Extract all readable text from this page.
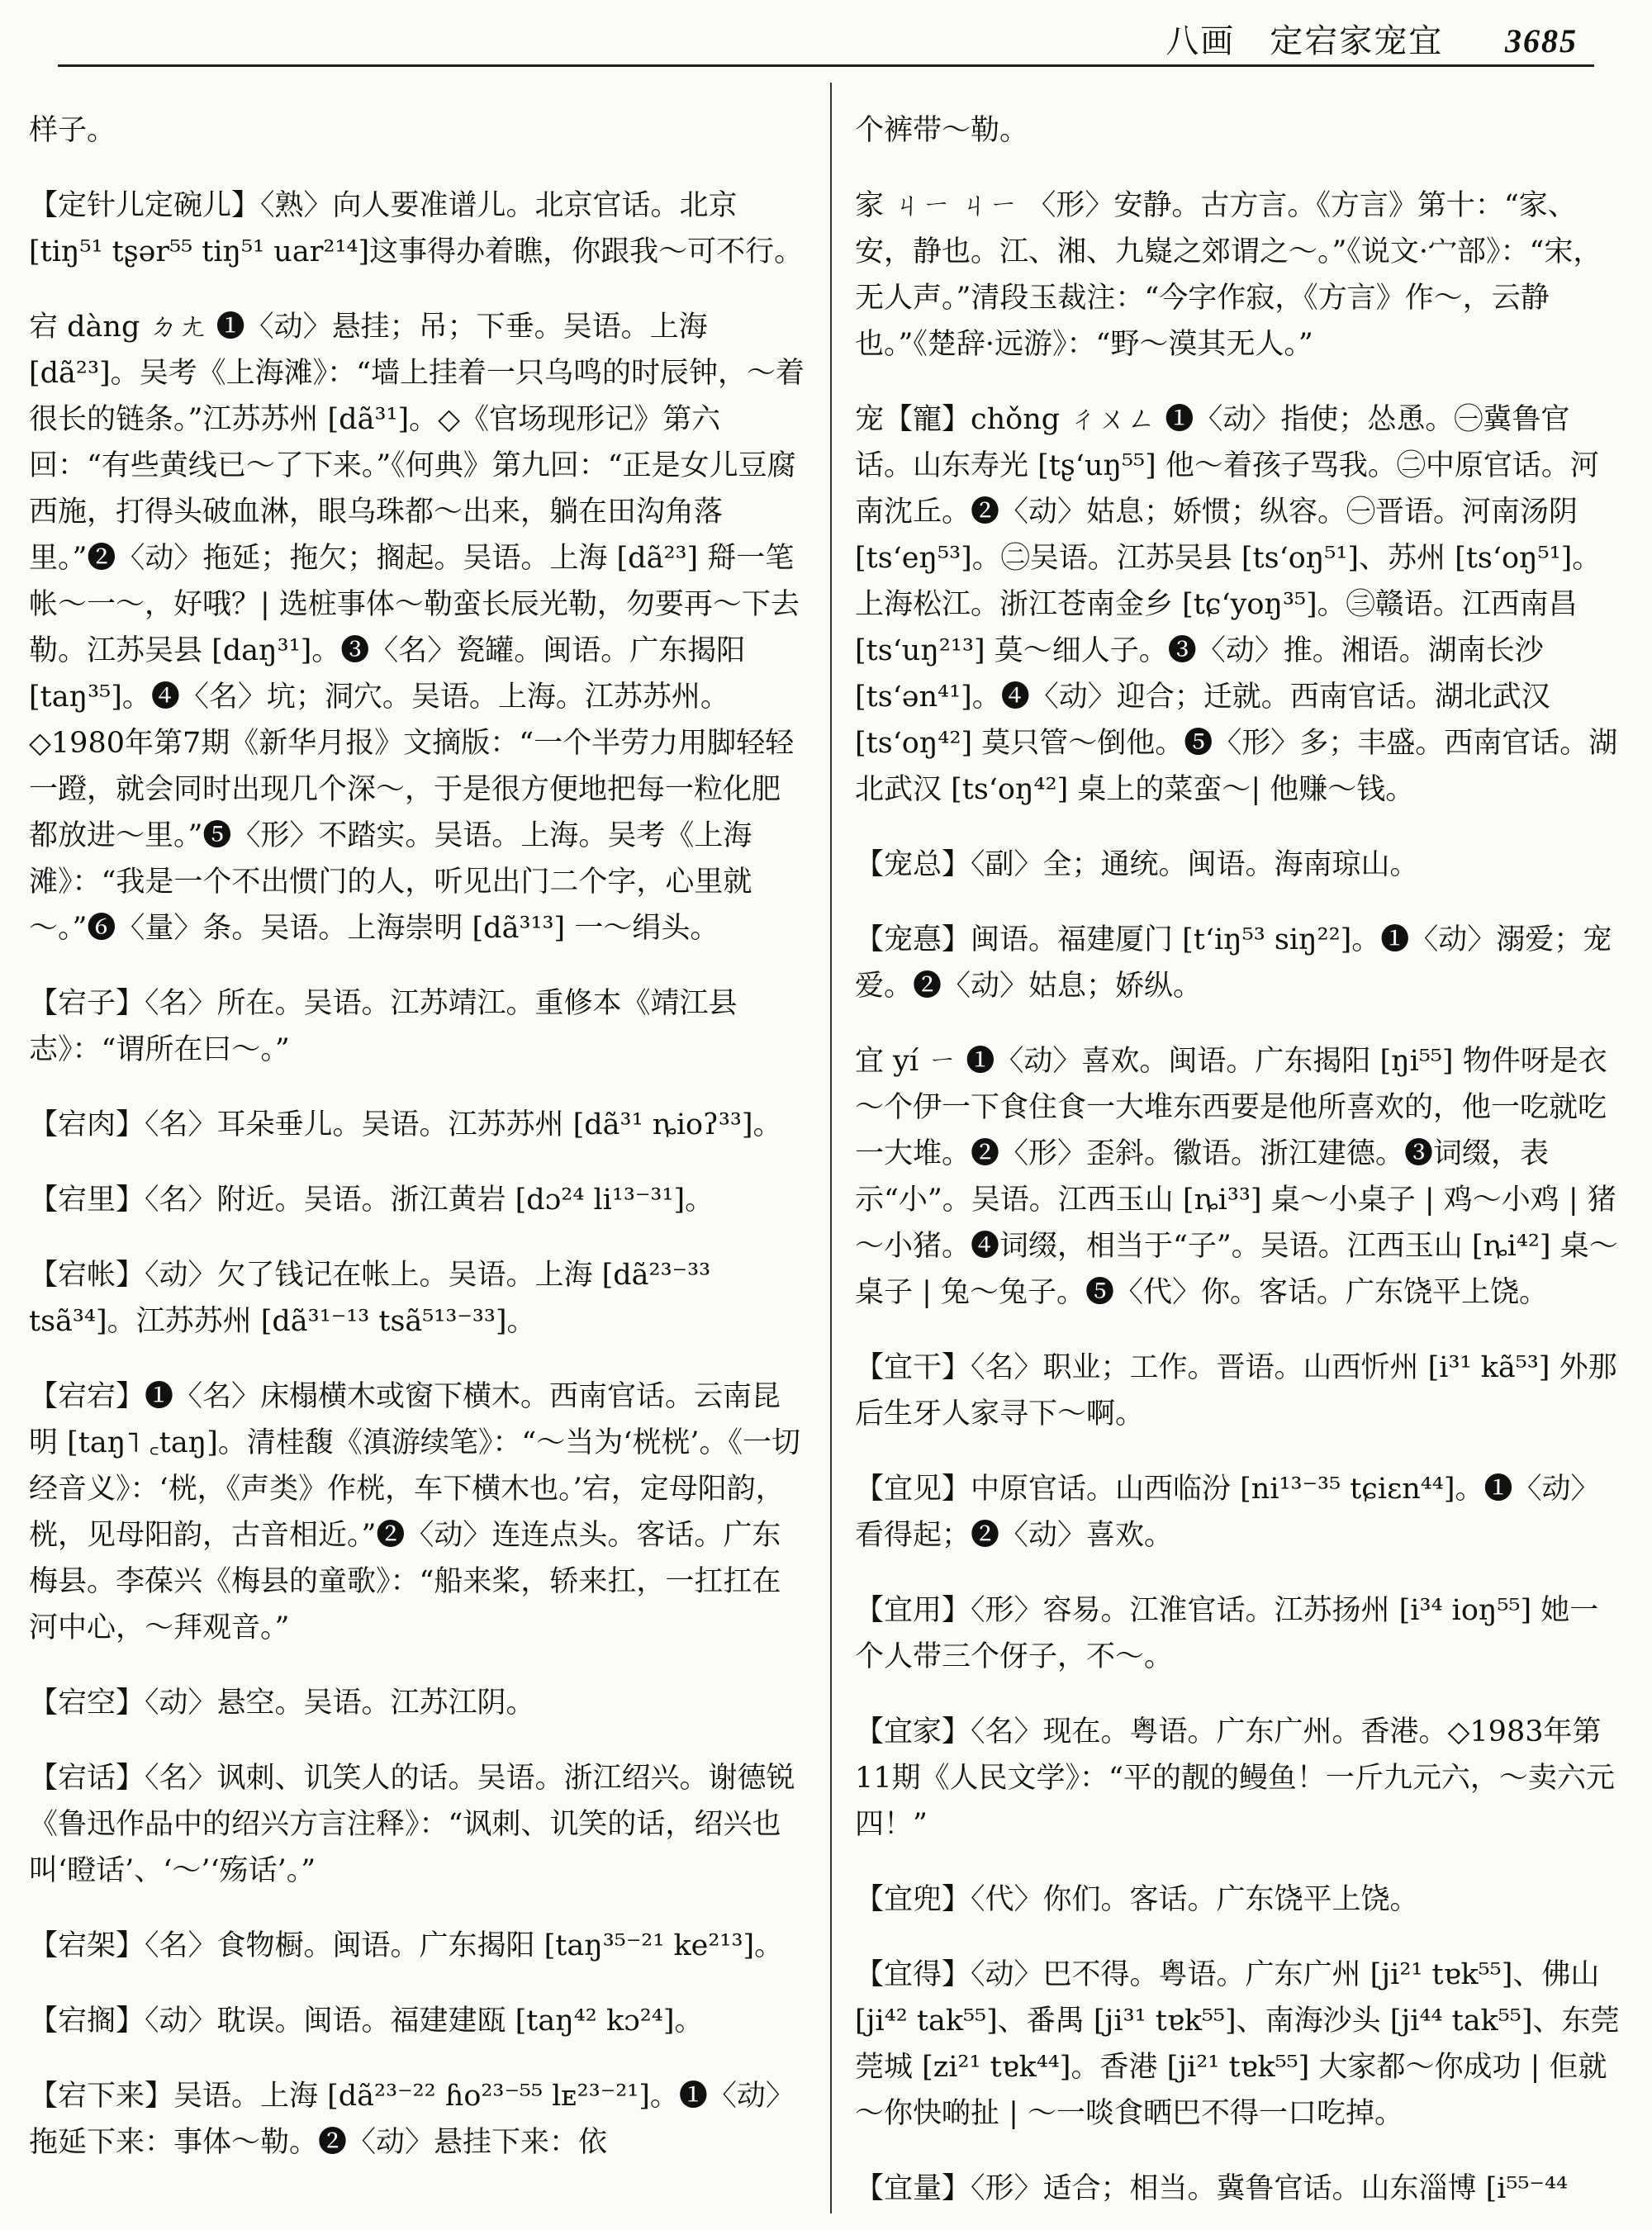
八画　定宕家宠宜 3685

样子。

【定针儿定碗儿】〈熟〉向人要准谱儿。北京官话。北京 [tiŋ⁵¹ tʂər⁵⁵ tiŋ⁵¹ uar²¹⁴]这事得办着瞧，你跟我～可不行。

宕 dàng ㄉㄤ ❶〈动〉悬挂；吊；下垂。吴语。上海[dã²³]。吴考《上海滩》：“墙上挂着一只乌鸣的时辰钟，～着很长的链条。”江苏苏州 [dã³¹]。◇《官场现形记》第六回：“有些黄线已～了下来。”《何典》第九回：“正是女儿豆腐西施，打得头破血淋，眼乌珠都～出来，躺在田沟角落里。”❷〈动〉拖延；拖欠；搁起。吴语。上海 [dã²³] 搿一笔帐～一～，好哦？| 选桩事体～勒蛮长辰光勒，勿要再～下去勒。江苏吴县 [daŋ³¹]。❸〈名〉瓷罐。闽语。广东揭阳 [taŋ³⁵]。❹〈名〉坑；洞穴。吴语。上海。江苏苏州。◇1980年第7期《新华月报》文摘版：“一个半劳力用脚轻轻一蹬，就会同时出现几个深～，于是很方便地把每一粒化肥都放进～里。”❺〈形〉不踏实。吴语。上海。吴考《上海滩》：“我是一个不出惯门的人，听见出门二个字，心里就～。”❻〈量〉条。吴语。上海崇明 [dã³¹³] 一～绢头。

【宕子】〈名〉所在。吴语。江苏靖江。重修本《靖江县志》：“谓所在曰～。”

【宕肉】〈名〉耳朵垂儿。吴语。江苏苏州 [dã³¹ ȵioʔ³³]。

【宕里】〈名〉附近。吴语。浙江黄岩 [dɔ²⁴ li¹³⁻³¹]。

【宕帐】〈动〉欠了钱记在帐上。吴语。上海 [dã²³⁻³³ tsã³⁴]。江苏苏州 [dã³¹⁻¹³ tsã⁵¹³⁻³³]。

【宕宕】❶〈名〉床榻横木或窗下横木。西南官话。云南昆明 [taŋ˥ ꜀taŋ]。清桂馥《滇游续笔》：“～当为‘桄桄’。《一切经音义》：‘桄，《声类》作桄，车下横木也。’宕，定母阳韵，桄，见母阳韵，古音相近。”❷〈动〉连连点头。客话。广东梅县。李葆兴《梅县的童歌》：“船来桨，轿来扛，一扛扛在河中心，～拜观音。”

【宕空】〈动〉悬空。吴语。江苏江阴。

【宕话】〈名〉讽刺、讥笑人的话。吴语。浙江绍兴。谢德锐《鲁迅作品中的绍兴方言注释》：“讽刺、讥笑的话，绍兴也叫‘瞪话’、‘～’‘殇话’。”

【宕架】〈名〉食物橱。闽语。广东揭阳 [taŋ³⁵⁻²¹ ke²¹³]。

【宕搁】〈动〉耽误。闽语。福建建瓯 [taŋ⁴² kɔ²⁴]。

【宕下来】吴语。上海 [dã²³⁻²² ɦo²³⁻⁵⁵ lᴇ²³⁻²¹]。❶〈动〉拖延下来：事体～勒。❷〈动〉悬挂下来：依

个裤带～勒。

家 ㄐㄧ ㄐㄧ 〈形〉安静。古方言。《方言》第十：“家、安，静也。江、湘、九嶷之郊谓之～。”《说文·宀部》：“宋，无人声。”清段玉裁注：“今字作寂，《方言》作～，云静也。”《楚辞·远游》：“野～漠其无人。”

宠【寵】chǒng ㄔㄨㄥ ❶〈动〉指使；怂恿。㊀冀鲁官话。山东寿光 [tʂ‘uŋ⁵⁵] 他～着孩子骂我。㊁中原官话。河南沈丘。❷〈动〉姑息；娇惯；纵容。㊀晋语。河南汤阴 [ts‘eŋ⁵³]。㊁吴语。江苏吴县 [ts‘oŋ⁵¹]、苏州 [ts‘oŋ⁵¹]。上海松江。浙江苍南金乡 [tɕ‘yoŋ³⁵]。㊂赣语。江西南昌 [ts‘uŋ²¹³] 莫～细人子。❸〈动〉推。湘语。湖南长沙 [ts‘ən⁴¹]。❹〈动〉迎合；迁就。西南官话。湖北武汉 [ts‘oŋ⁴²] 莫只管～倒他。❺〈形〉多；丰盛。西南官话。湖北武汉 [ts‘oŋ⁴²] 桌上的菜蛮～| 他赚～钱。

【宠总】〈副〉全；通统。闽语。海南琼山。

【宠惪】闽语。福建厦门 [t‘iŋ⁵³ siŋ²²]。❶〈动〉溺爱；宠爱。❷〈动〉姑息；娇纵。

宜 yí ㄧ ❶〈动〉喜欢。闽语。广东揭阳 [ŋi⁵⁵] 物件呀是衣～个伊一下食住食一大堆东西要是他所喜欢的，他一吃就吃一大堆。❷〈形〉歪斜。徽语。浙江建德。❸词缀，表示“小”。吴语。江西玉山 [ȵi³³] 桌～小桌子 | 鸡～小鸡 | 猪～小猪。❹词缀，相当于“子”。吴语。江西玉山 [ȵi⁴²] 桌～桌子 | 兔～兔子。❺〈代〉你。客话。广东饶平上饶。

【宜干】〈名〉职业；工作。晋语。山西忻州 [i³¹ kã⁵³] 外那后生牙人家寻下～啊。

【宜见】中原官话。山西临汾 [ni¹³⁻³⁵ tɕiɛn⁴⁴]。❶〈动〉看得起；❷〈动〉喜欢。

【宜用】〈形〉容易。江淮官话。江苏扬州 [i³⁴ ioŋ⁵⁵] 她一个人带三个伢子，不～。

【宜家】〈名〉现在。粤语。广东广州。香港。◇1983年第11期《人民文学》：“平的靓的鳗鱼！一斤九元六，～卖六元四！”

【宜兜】〈代〉你们。客话。广东饶平上饶。

【宜得】〈动〉巴不得。粤语。广东广州 [ji²¹ tɐk⁵⁵]、佛山 [ji⁴² tak⁵⁵]、番禺 [ji³¹ tɐk⁵⁵]、南海沙头 [ji⁴⁴ tak⁵⁵]、东莞莞城 [zi²¹ tɐk⁴⁴]。香港 [ji²¹ tɐk⁵⁵] 大家都～你成功 | 佢就～你快啲扯 | ～一啖食晒巴不得一口吃掉。

【宜量】〈形〉适合；相当。冀鲁官话。山东淄博 [i⁵⁵⁻⁴⁴
